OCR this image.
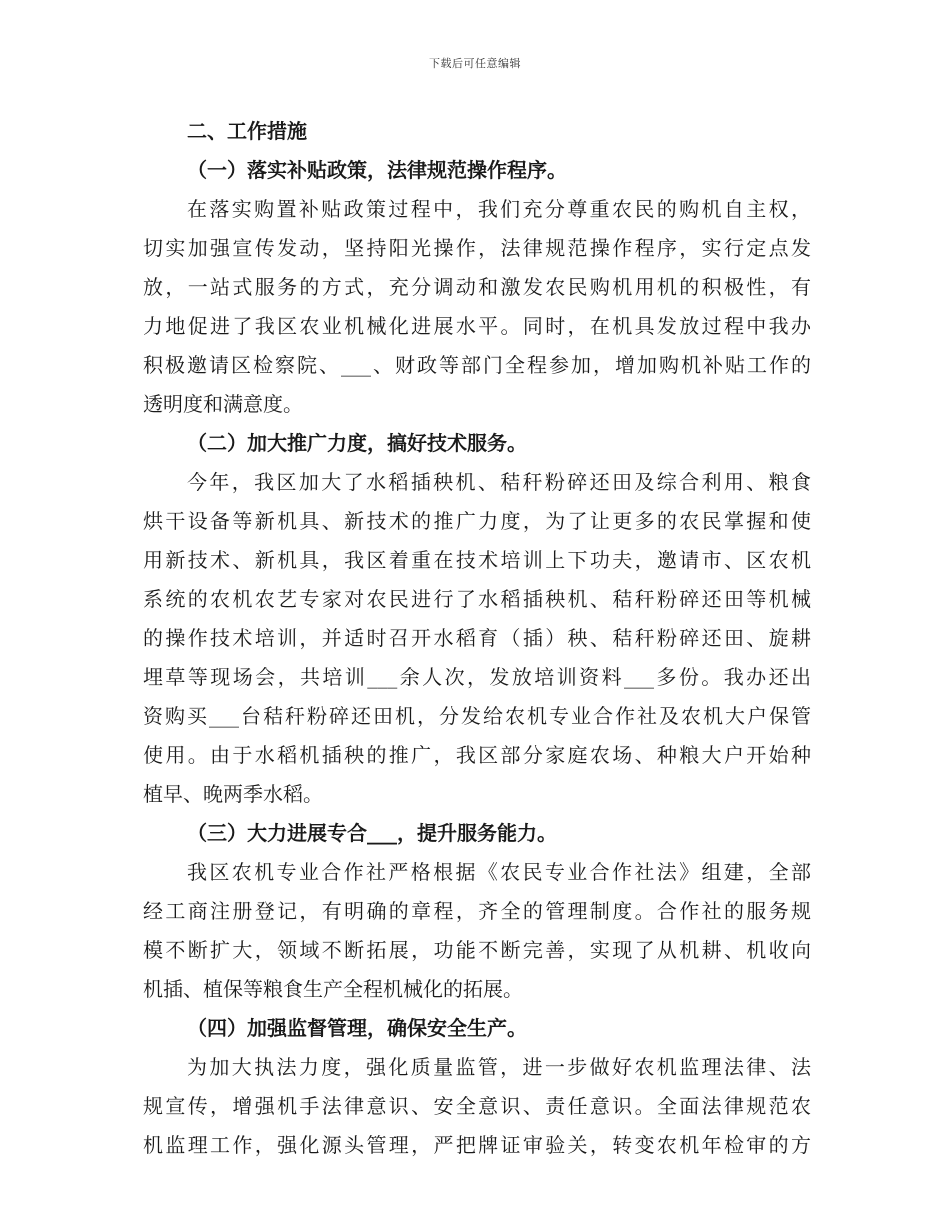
下载后可任意编辑
二、工作措施
（一）落实补贴政策，法律规范操作程序。
在落实购置补贴政策过程中，我们充分尊重农民的购机自主权，
切实加强宣传发动，坚持阳光操作，法律规范操作程序，实行定点发
放，一站式服务的方式，充分调动和激发农民购机用机的积极性，有
力地促进了我区农业机械化进展水平。同时，在机具发放过程中我办
积极邀请区检察院、___、财政等部门全程参加，增加购机补贴工作的
透明度和满意度。
（二）加大推广力度，搞好技术服务。
今年，我区加大了水稻插秧机、秸秆粉碎还田及综合利用、粮食
烘干设备等新机具、新技术的推广力度，为了让更多的农民掌握和使
用新技术、新机具，我区着重在技术培训上下功夫，邀请市、区农机
系统的农机农艺专家对农民进行了水稻插秧机、秸秆粉碎还田等机械
的操作技术培训，并适时召开水稻育（插）秧、秸秆粉碎还田、旋耕
埋草等现场会，共培训___余人次，发放培训资料___多份。我办还出
资购买___台秸秆粉碎还田机，分发给农机专业合作社及农机大户保管
使用。由于水稻机插秧的推广，我区部分家庭农场、种粮大户开始种
植早、晚两季水稻。
（三）大力进展专合___，提升服务能力。
我区农机专业合作社严格根据《农民专业合作社法》组建，全部
经工商注册登记，有明确的章程，齐全的管理制度。合作社的服务规
模不断扩大，领域不断拓展，功能不断完善，实现了从机耕、机收向
机插、植保等粮食生产全程机械化的拓展。
（四）加强监督管理，确保安全生产。
为加大执法力度，强化质量监管，进一步做好农机监理法律、法
规宣传，增强机手法律意识、安全意识、责任意识。全面法律规范农
机监理工作，强化源头管理，严把牌证审验关，转变农机年检审的方
